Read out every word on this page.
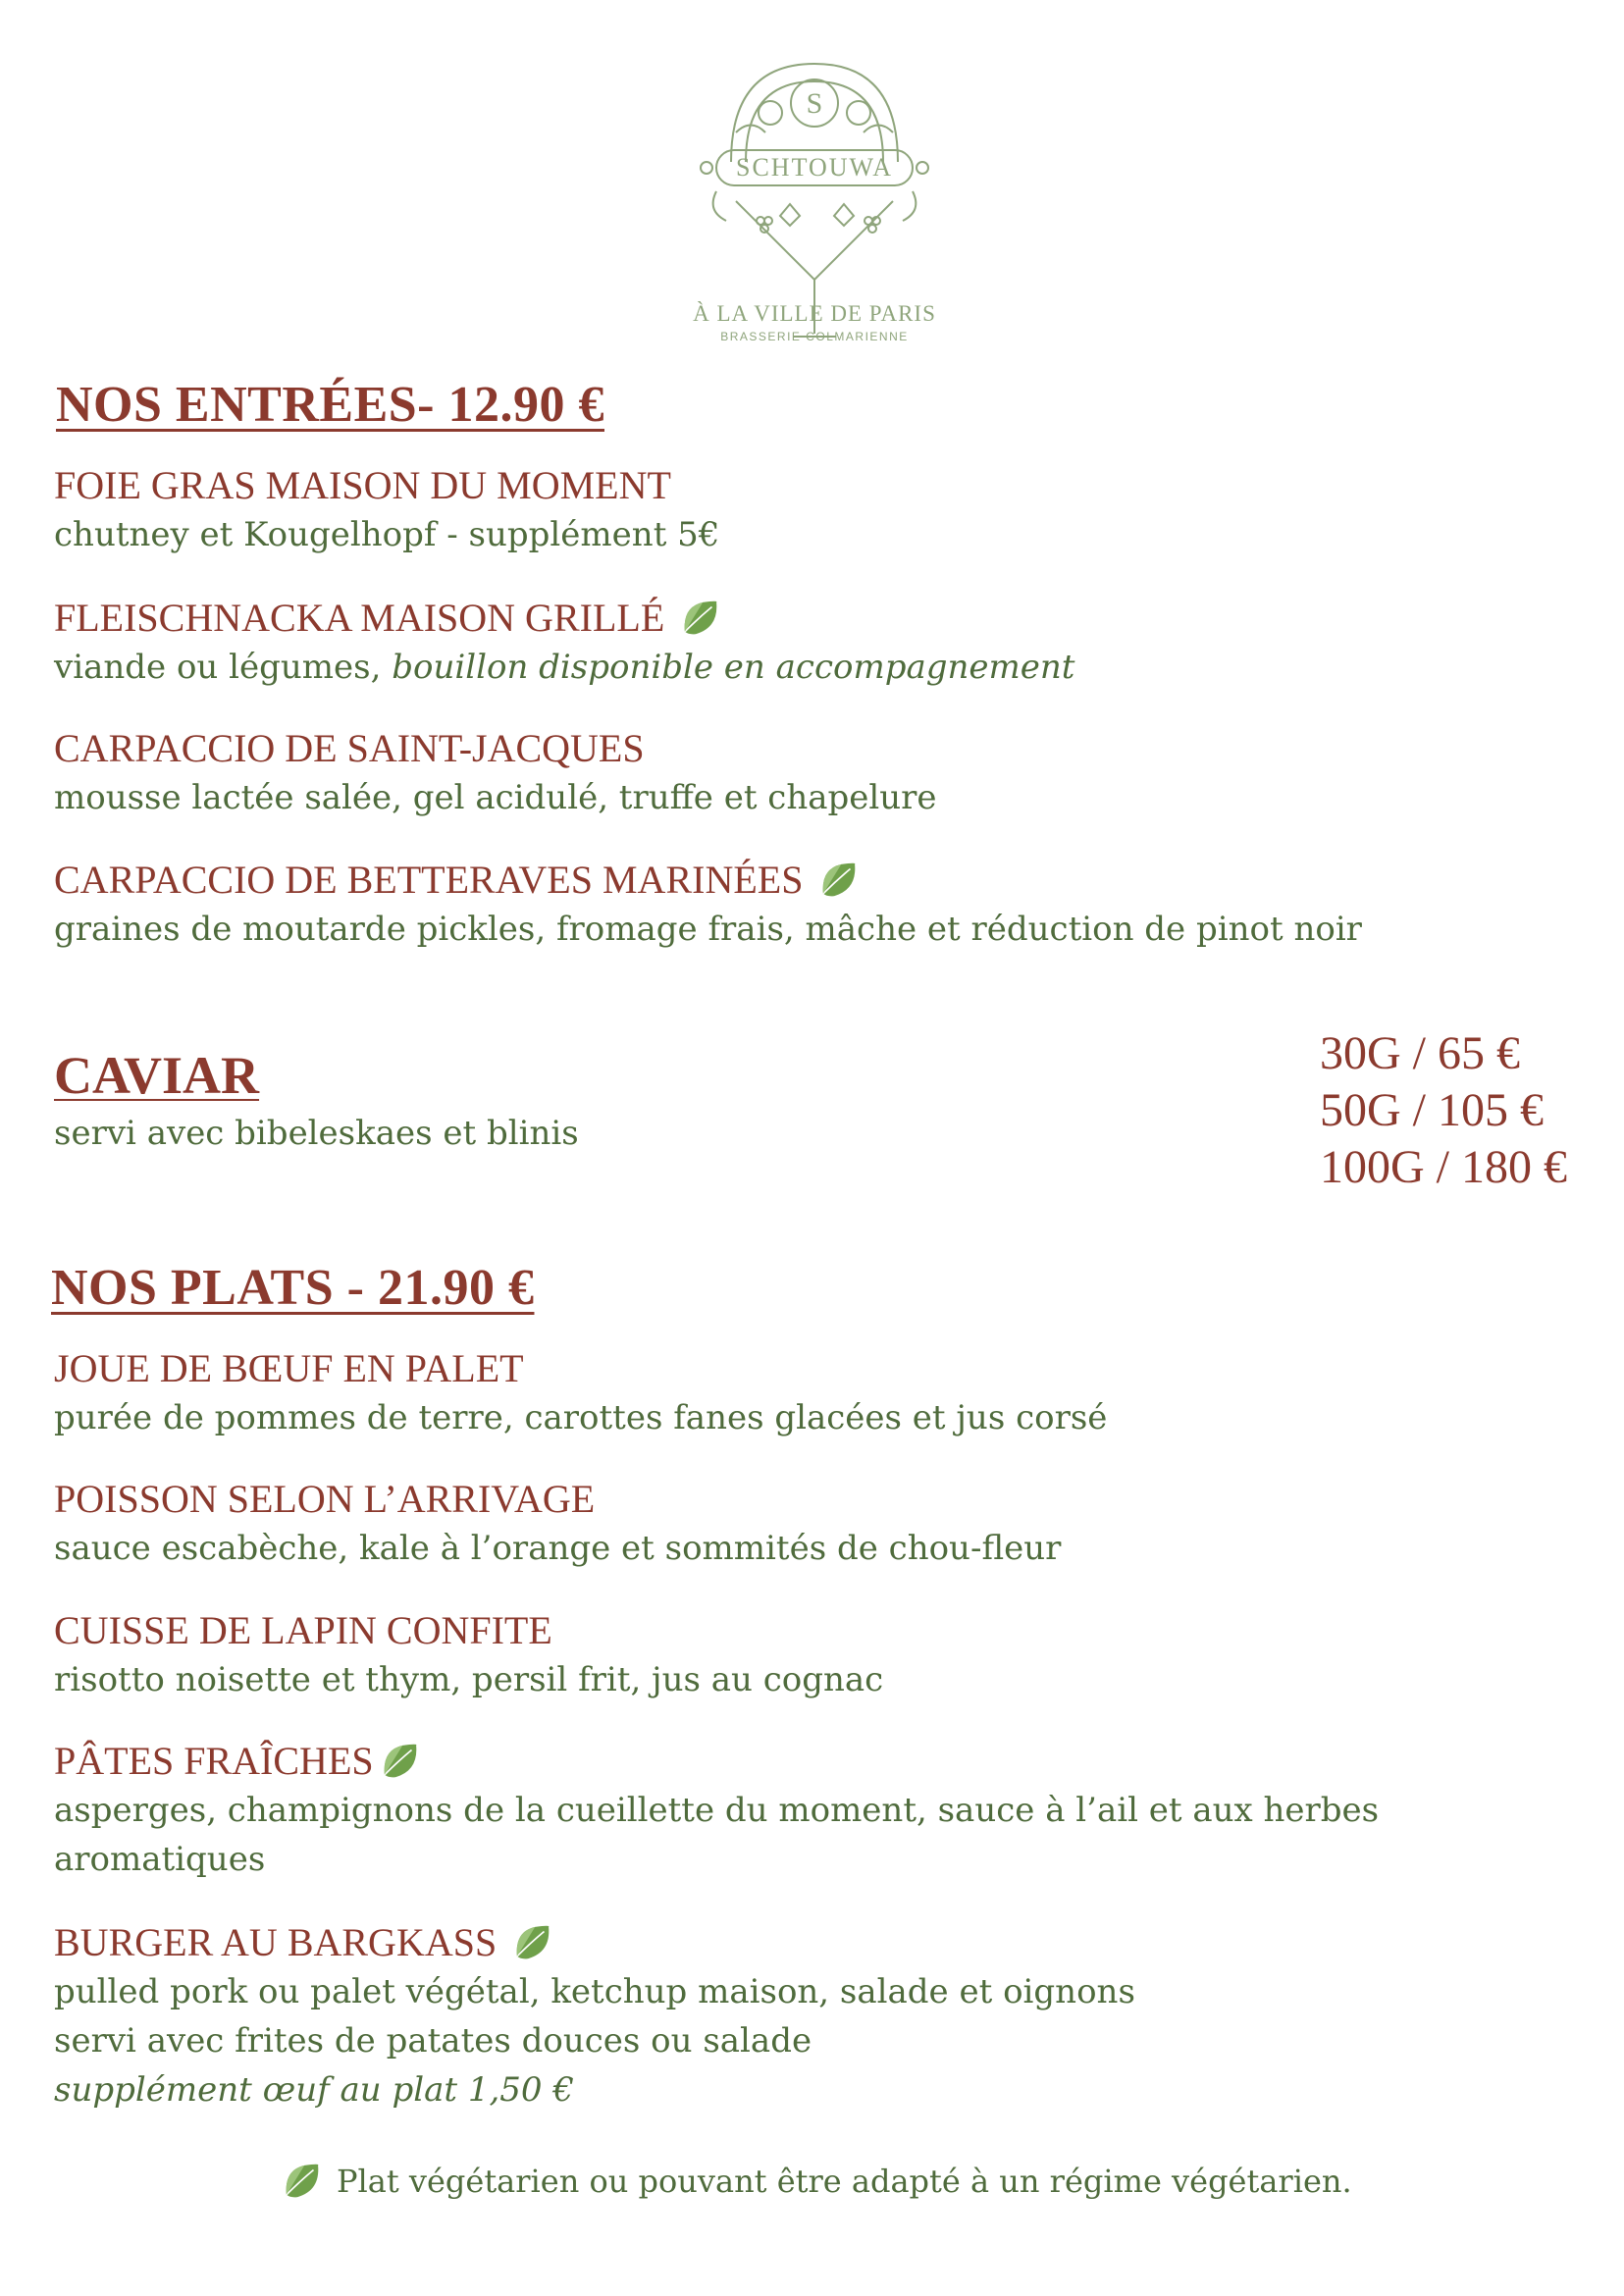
S
SCHTOUWA
À LA VILLE DE PARIS
BRASSERIE COLMARIENNE
NOS ENTRÉES- 12.90 €
FOIE GRAS MAISON DU MOMENT
chutney et Kougelhopf - supplément 5€
FLEISCHNACKA MAISON GRILLÉ
viande ou légumes, bouillon disponible en accompagnement
CARPACCIO DE SAINT-JACQUES
mousse lactée salée, gel acidulé, truffe et chapelure
CARPACCIO DE BETTERAVES MARINÉES
graines de moutarde pickles, fromage frais, mâche et réduction de pinot noir
CAVIAR
servi avec bibeleskaes et blinis
30G / 65 €
50G / 105 €
100G / 180 €
NOS PLATS - 21.90 €
JOUE DE BŒUF EN PALET
purée de pommes de terre, carottes fanes glacées et jus corsé
POISSON SELON L’ARRIVAGE
sauce escabèche, kale à l’orange et sommités de chou-fleur
CUISSE DE LAPIN CONFITE
risotto noisette et thym, persil frit, jus au cognac
PÂTES FRAÎCHES
asperges, champignons de la cueillette du moment, sauce à l’ail et aux herbes aromatiques
BURGER AU BARGKASS
pulled pork ou palet végétal, ketchup maison, salade et oignons
servi avec frites de patates douces ou salade
supplément œuf au plat 1,50 €
Plat végétarien ou pouvant être adapté à un régime végétarien.
